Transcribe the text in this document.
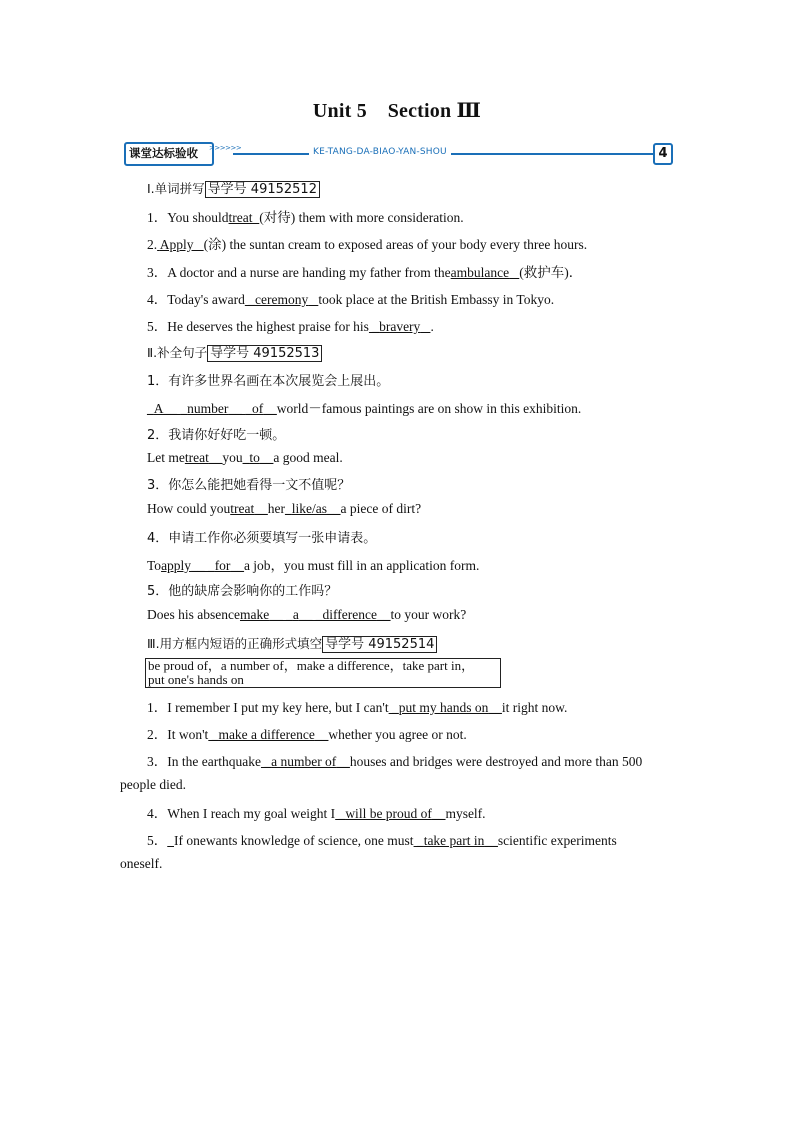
Unit 5 Section Ⅲ
课堂达标验收 >>>>>>	KE-TANG-DA-BIAO-YAN-SHOU	4
Ⅰ.单词拼写 导学号 49152512
1．You shouldtreat (对待) them with more consideration.
2. Apply (涂) the suntan cream to exposed areas of your body every three hours.
3．A doctor and a nurse are handing my father from theambulance (救护车)．
4．Today's award _ceremony took place at the British Embassy in Tokyo.
5．He deserves the highest praise for his _bravery .
Ⅱ.补全句子 导学号 49152513
1．有许多世界名画在本次展览会上展出。
_A__ _number__ _of__world－famous paintings are on show in this exhibition.
2．我请你好好吃一顿。
Let metreat__you_to__a good meal.
3．你怎么能把她看得一文不值呢？
How could youtreat__her_like/as__a piece of dirt?
4．申请工作你必须要填写一张申请表。
Toapply__ _for__a job，you must fill in an application form.
5．他的缺席会影响你的工作吗？
Does his absencemake__ _a__ _difference__to your work?
Ⅲ.用方框内短语的正确形式填空 导学号 49152514
be proud of，a number of，make a difference，take part in，
put one's hands on
1．I remember I put my key here, but I can't _put my hands on__it right now.
2．It won't _make a difference__whether you agree or not.
3．In the earthquake _a number of__houses and bridges were destroyed and more than 500
people died.
4．When I reach my goal weight I _will be proud of__myself.
5． If onewants knowledge of science, one must _take part in__scientific experiments
oneself.
